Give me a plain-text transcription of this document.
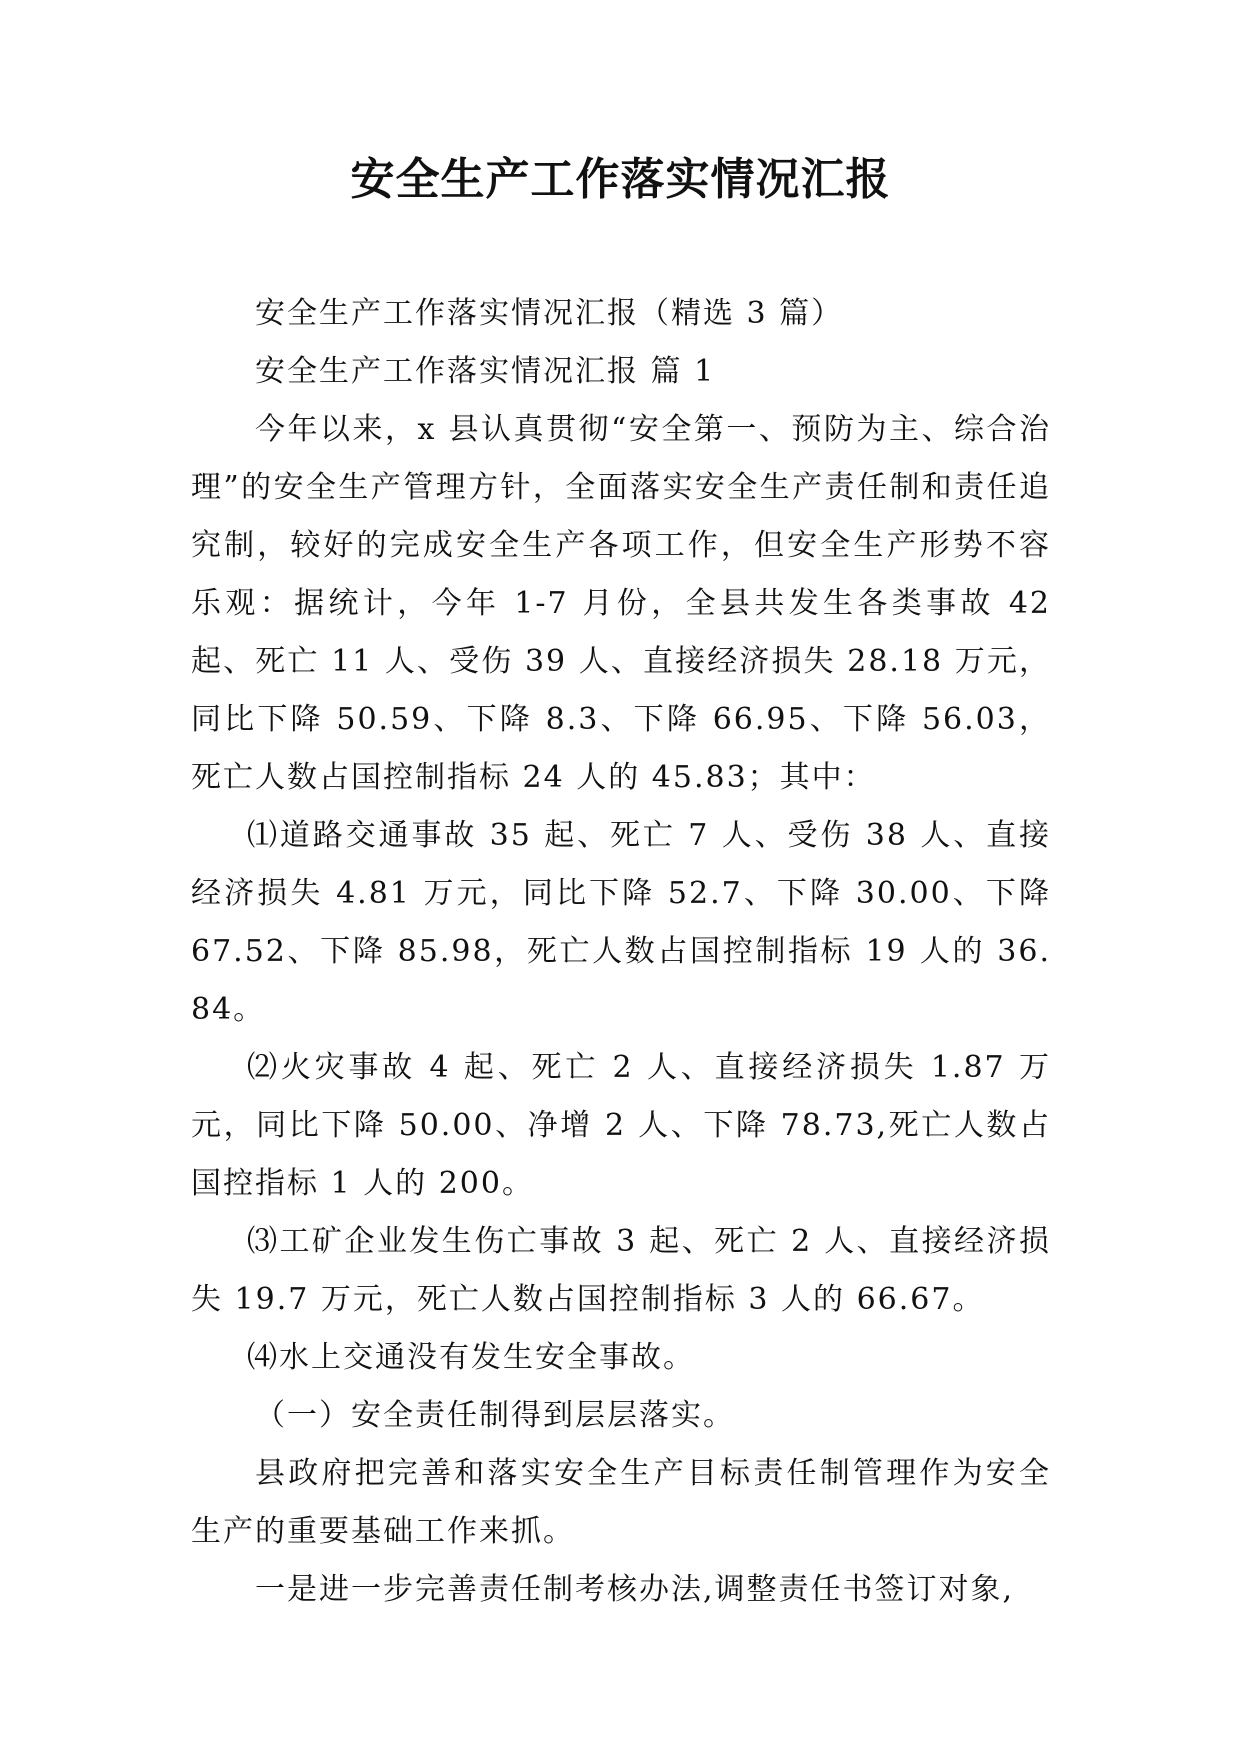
安全生产工作落实情况汇报

安全生产工作落实情况汇报（精选 3 篇）

安全生产工作落实情况汇报 篇 1

今年以来，x 县认真贯彻“安全第一、预防为主、综合治理”的安全生产管理方针，全面落实安全生产责任制和责任追究制，较好的完成安全生产各项工作，但安全生产形势不容乐观：据统计，今年 1-7 月份，全县共发生各类事故 42 起、死亡 11 人、受伤 39 人、直接经济损失 28.18 万元，同比下降 50.59、下降 8.3、下降 66.95、下降 56.03，死亡人数占国控制指标 24 人的 45.83；其中：

⑴道路交通事故 35 起、死亡 7 人、受伤 38 人、直接经济损失 4.81 万元，同比下降 52.7、下降 30.00、下降 67.52、下降 85.98，死亡人数占国控制指标 19 人的 36.84。

⑵火灾事故 4 起、死亡 2 人、直接经济损失 1.87 万元，同比下降 50.00、净增 2 人、下降 78.73,死亡人数占国控指标 1 人的 200。

⑶工矿企业发生伤亡事故 3 起、死亡 2 人、直接经济损失 19.7 万元，死亡人数占国控制指标 3 人的 66.67。

⑷水上交通没有发生安全事故。

（一）安全责任制得到层层落实。

县政府把完善和落实安全生产目标责任制管理作为安全生产的重要基础工作来抓。

一是进一步完善责任制考核办法,调整责任书签订对象,
